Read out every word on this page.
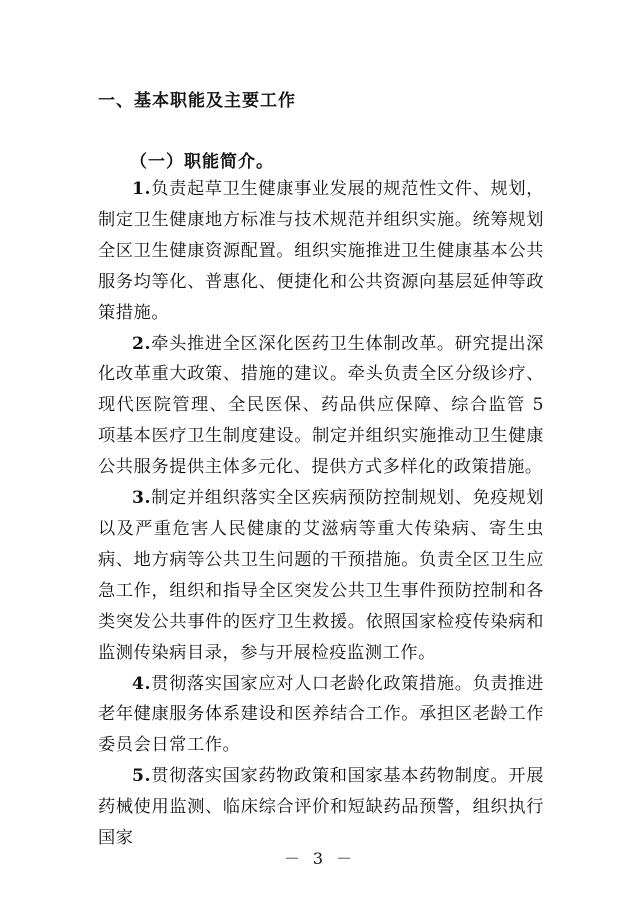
一、基本职能及主要工作
（一）职能简介。

1.负责起草卫生健康事业发展的规范性文件、规划，制定卫生健康地方标准与技术规范并组织实施。统筹规划全区卫生健康资源配置。组织实施推进卫生健康基本公共服务均等化、普惠化、便捷化和公共资源向基层延伸等政策措施。

2.牵头推进全区深化医药卫生体制改革。研究提出深化改革重大政策、措施的建议。牵头负责全区分级诊疗、现代医院管理、全民医保、药品供应保障、综合监管 5 项基本医疗卫生制度建设。制定并组织实施推动卫生健康公共服务提供主体多元化、提供方式多样化的政策措施。

3.制定并组织落实全区疾病预防控制规划、免疫规划以及严重危害人民健康的艾滋病等重大传染病、寄生虫病、地方病等公共卫生问题的干预措施。负责全区卫生应急工作，组织和指导全区突发公共卫生事件预防控制和各类突发公共事件的医疗卫生救援。依照国家检疫传染病和监测传染病目录，参与开展检疫监测工作。

4.贯彻落实国家应对人口老龄化政策措施。负责推进老年健康服务体系建设和医养结合工作。承担区老龄工作委员会日常工作。

5.贯彻落实国家药物政策和国家基本药物制度。开展药械使用监测、临床综合评价和短缺药品预警，组织执行国家

－ 3 －
